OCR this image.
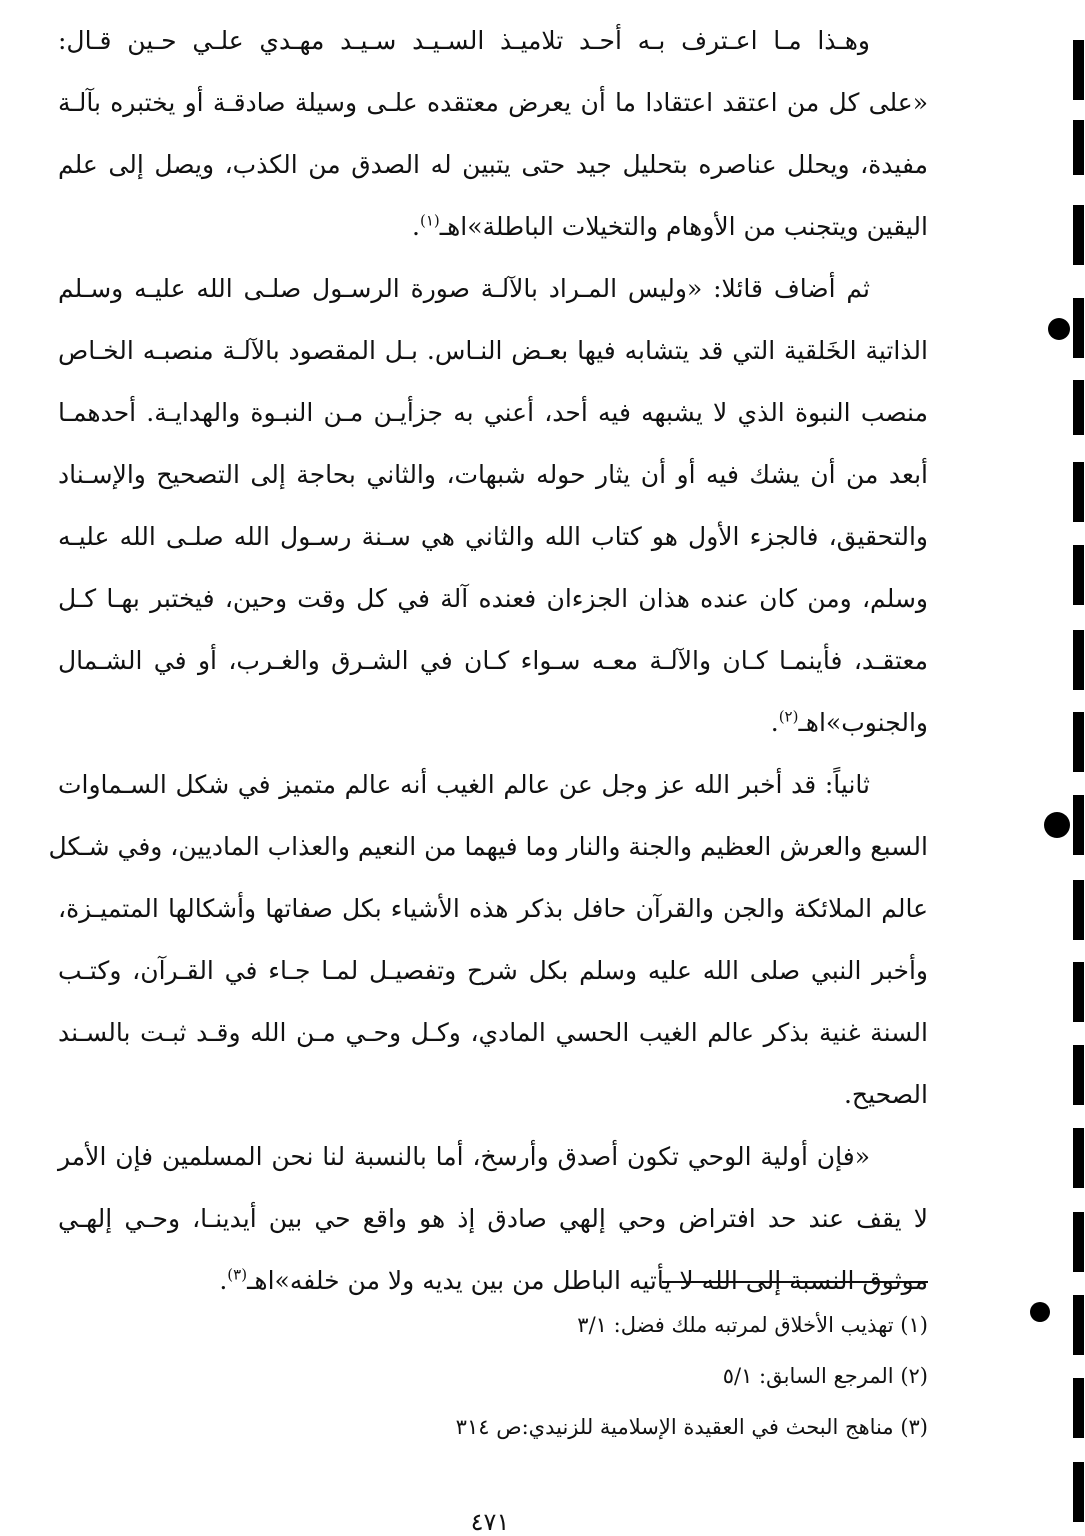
وهـذا مـا اعـترف بـه أحـد تلاميـذ السـيـد سـيـد مهـدي علـي حـين قـال:
«على كل من اعتقد اعتقادا ما أن يعرض معتقده علـى وسيلة صادقـة أو يختبره بآلـة
مفيدة، ويحلل عناصره بتحليل جيد حتى يتبين له الصدق من الكذب، ويصل إلى علم
اليقين ويتجنب من الأوهام والتخيلات الباطلة»اهـ$^{(١)}$.

ثم أضاف قائلا: «وليس المـراد بالآلـة صورة الرسـول صلـى الله عليـه وسـلم
الذاتية الخَلقية التي قد يتشابه فيها بعـض النـاس. بـل المقصود بالآلـة منصبـه الخـاص
منصب النبوة الذي لا يشبهه فيه أحد، أعني به جزأيـن مـن النبـوة والهدايـة. أحدهمـا
أبعد من أن يشك فيه أو أن يثار حوله شبهات، والثاني بحاجة إلى التصحيح والإسـناد
والتحقيق، فالجزء الأول هو كتاب الله والثاني هي سـنة رسـول الله صلـى الله عليـه
وسلم، ومن كان عنده هذان الجزءان فعنده آلة في كل وقت وحين، فيختبر بهـا كـل
معتقـد، فأينمـا كـان والآلـة معـه سـواء كـان في الشـرق والغـرب، أو في الشـمال
والجنوب»اهـ$^{(٢)}$.

ثانياً: قد أخبر الله عز وجل عن عالم الغيب أنه عالم متميز في شكل السـماوات
السبع والعرش العظيم والجنة والنار وما فيهما من النعيم والعذاب الماديين، وفي شـكل
عالم الملائكة والجن والقرآن حافل بذكر هذه الأشياء بكل صفاتها وأشكالها المتميـزة،
وأخبر النبي صلى الله عليه وسلم بكل شرح وتفصيـل لمـا جـاء في القـرآن، وكتـب
السنة غنية بذكر عالم الغيب الحسي المادي، وكـل وحـي مـن الله وقـد ثبـت بالسـند
الصحيح.

«فإن أولية الوحي تكون أصدق وأرسخ، أما بالنسبة لنا نحن المسلمين فإن الأمر
لا يقف عند حد افتراض وحي إلهي صادق إذ هو واقع حي بين أيدينـا، وحـي إلهـي
موثوق النسبة إلى الله لا يأتيه الباطل من بين يديه ولا من خلفه»اهـ$^{(٣)}$.

(١) تهذيب الأخلاق لمرتبه ملك فضل: ٣/١
(٢) المرجع السابق: ٥/١
(٣) مناهج البحث في العقيدة الإسلامية للزنيدي:ص ٣١٤
٤٧١
